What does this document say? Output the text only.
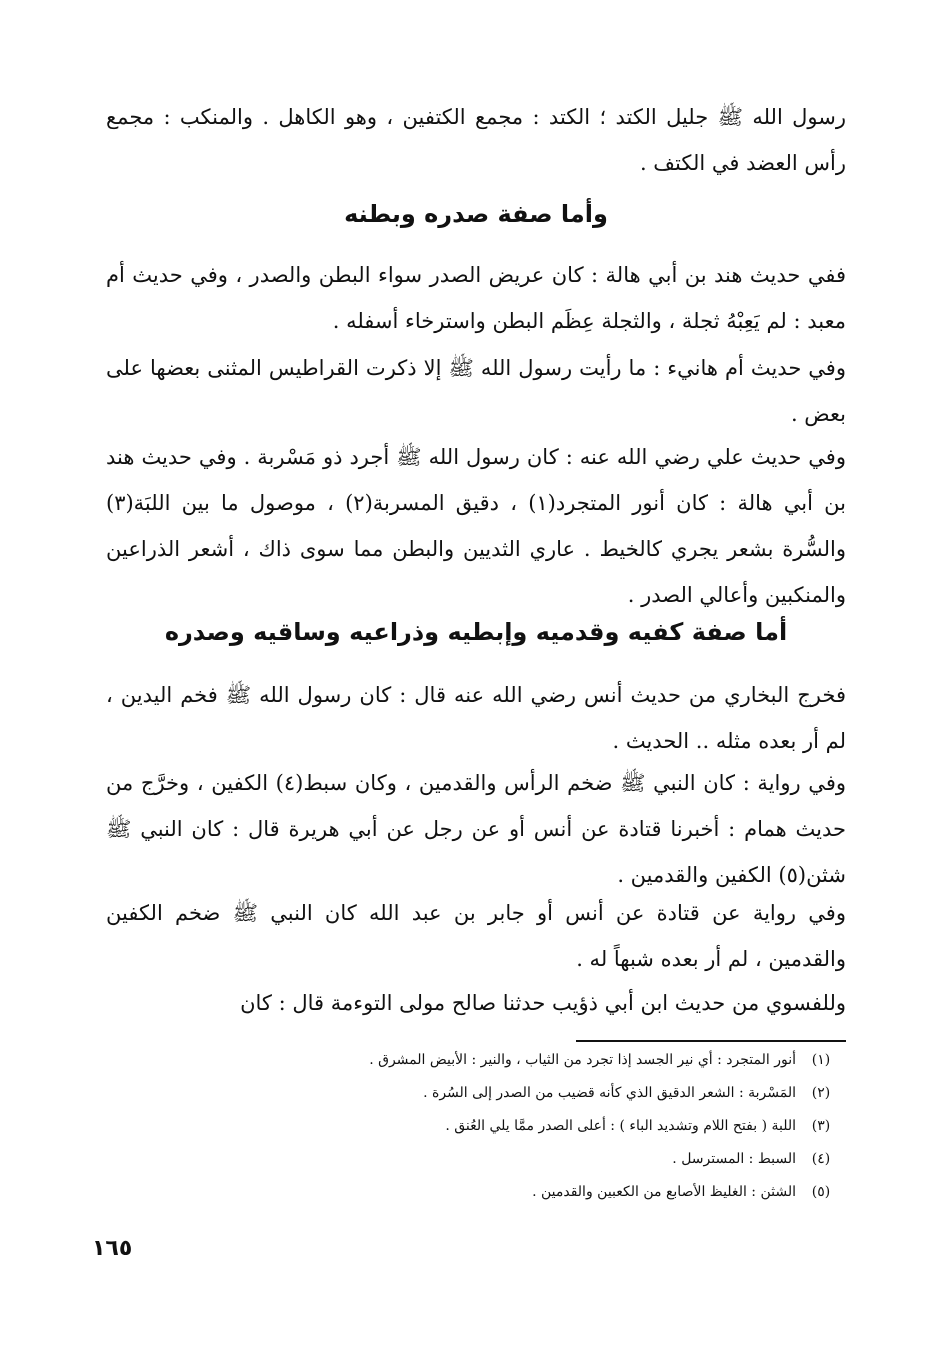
رسول الله ﷺ جليل الكتد ؛ الكتد : مجمع الكتفين ، وهو الكاهل . والمنكب : مجمع رأس العضد في الكتف .

وأما صفة صدره وبطنه

ففي حديث هند بن أبي هالة : كان عريض الصدر سواء البطن والصدر ، وفي حديث أم معبد : لم يَعِبْهُ ثجلة ، والثجلة عِظَم البطن واسترخاء أسفله .

وفي حديث أم هانيء : ما رأيت رسول الله ﷺ إلا ذكرت القراطيس المثنى بعضها على بعض .

وفي حديث علي رضي الله عنه : كان رسول الله ﷺ أجرد ذو مَسْربة . وفي حديث هند بن أبي هالة : كان أنور المتجرد(١) ، دقيق المسربة(٢) ، موصول ما بين اللبَة(٣) والسُّرة بشعر يجري كالخيط . عاري الثديين والبطن مما سوى ذاك ، أشعر الذراعين والمنكبين وأعالي الصدر .

أما صفة كفيه وقدميه وإبطيه وذراعيه وساقيه وصدره

فخرج البخاري من حديث أنس رضي الله عنه قال : كان رسول الله ﷺ فخم اليدين ، لم أر بعده مثله .. الحديث .

وفي رواية : كان النبي ﷺ ضخم الرأس والقدمين ، وكان سبط(٤) الكفين ، وخرَّج من حديث همام : أخبرنا قتادة عن أنس أو عن رجل عن أبي هريرة قال : كان النبي ﷺ شثن(٥) الكفين والقدمين .

وفي رواية عن قتادة عن أنس أو جابر بن عبد الله كان النبي ﷺ ضخم الكفين والقدمين ، لم أر بعده شبهاً له .

وللفسوي من حديث ابن أبي ذؤيب حدثنا صالح مولى التوءمة قال : كان

(١)
أنور المتجرد : أي نير الجسد إذا تجرد من الثياب ، والنير : الأبيض المشرق .
(٢)
المَسْربة : الشعر الدقيق الذي كأنه قضيب من الصدر إلى السُرة .
(٣)
اللبة ( بفتح اللام وتشديد الباء ) : أعلى الصدر ممَّا يلي العُنق .
(٤)
السبط : المسترسل .
(٥)
الشثن : الغليظ الأصابع من الكعبين والقدمين .
١٦٥
